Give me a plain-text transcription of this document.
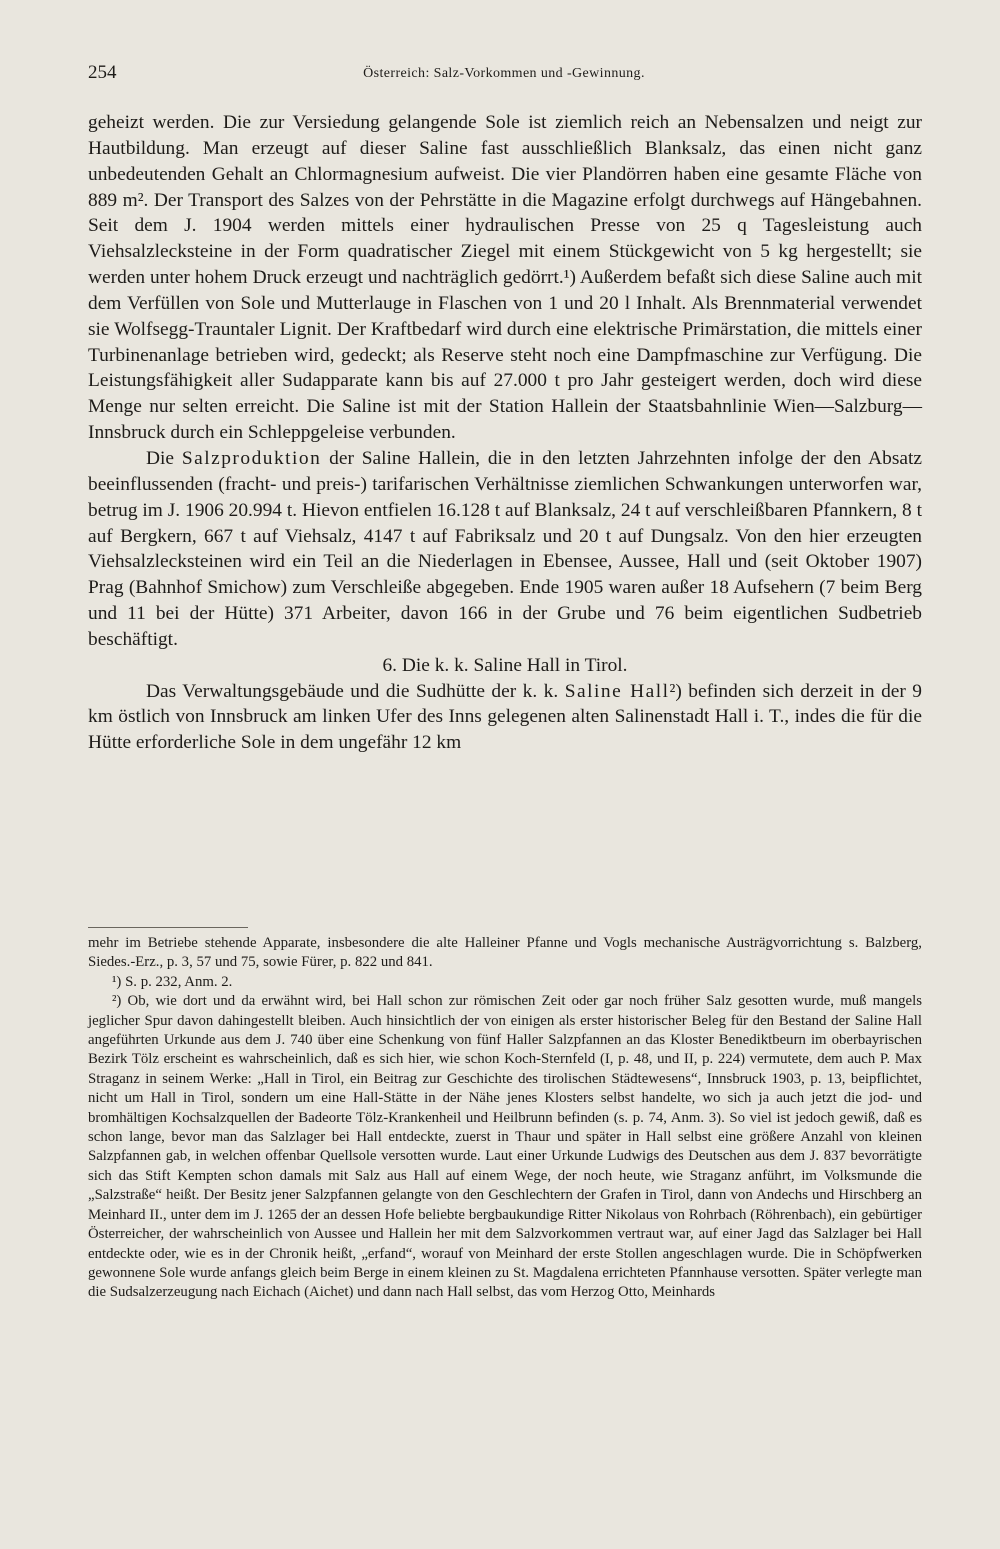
254	Österreich: Salz-Vorkommen und -Gewinnung.

geheizt werden. Die zur Versiedung gelangende Sole ist ziemlich reich an Nebensalzen und neigt zur Hautbildung. Man erzeugt auf dieser Saline fast ausschließlich Blanksalz, das einen nicht ganz unbedeutenden Gehalt an Chlormagnesium aufweist. Die vier Plandörren haben eine gesamte Fläche von 889 m². Der Transport des Salzes von der Pehrstätte in die Magazine erfolgt durchwegs auf Hängebahnen. Seit dem J. 1904 werden mittels einer hydraulischen Presse von 25 q Tagesleistung auch Viehsalzlecksteine in der Form quadratischer Ziegel mit einem Stückgewicht von 5 kg hergestellt; sie werden unter hohem Druck erzeugt und nachträglich gedörrt.¹) Außerdem befaßt sich diese Saline auch mit dem Verfüllen von Sole und Mutterlauge in Flaschen von 1 und 20 l Inhalt. Als Brennmaterial verwendet sie Wolfsegg-Trauntaler Lignit. Der Kraftbedarf wird durch eine elektrische Primärstation, die mittels einer Turbinenanlage betrieben wird, gedeckt; als Reserve steht noch eine Dampfmaschine zur Verfügung. Die Leistungsfähigkeit aller Sudapparate kann bis auf 27.000 t pro Jahr gesteigert werden, doch wird diese Menge nur selten erreicht. Die Saline ist mit der Station Hallein der Staatsbahnlinie Wien—Salzburg—Innsbruck durch ein Schleppgeleise verbunden.

Die Salzproduktion der Saline Hallein, die in den letzten Jahrzehnten infolge der den Absatz beeinflussenden (fracht- und preis-) tarifarischen Verhältnisse ziemlichen Schwankungen unterworfen war, betrug im J. 1906 20.994 t. Hievon entfielen 16.128 t auf Blanksalz, 24 t auf verschleißbaren Pfannkern, 8 t auf Bergkern, 667 t auf Viehsalz, 4147 t auf Fabriksalz und 20 t auf Dungsalz. Von den hier erzeugten Viehsalzlecksteinen wird ein Teil an die Niederlagen in Ebensee, Aussee, Hall und (seit Oktober 1907) Prag (Bahnhof Smichow) zum Verschleiße abgegeben. Ende 1905 waren außer 18 Aufsehern (7 beim Berg und 11 bei der Hütte) 371 Arbeiter, davon 166 in der Grube und 76 beim eigentlichen Sudbetrieb beschäftigt.

6. Die k. k. Saline Hall in Tirol.

Das Verwaltungsgebäude und die Sudhütte der k. k. Saline Hall²) befinden sich derzeit in der 9 km östlich von Innsbruck am linken Ufer des Inns gelegenen alten Salinenstadt Hall i. T., indes die für die Hütte erforderliche Sole in dem ungefähr 12 km

mehr im Betriebe stehende Apparate, insbesondere die alte Halleiner Pfanne und Vogls mechanische Austrägvorrichtung s. Balzberg, Siedes.-Erz., p. 3, 57 und 75, sowie Fürer, p. 822 und 841.

¹) S. p. 232, Anm. 2.

²) Ob, wie dort und da erwähnt wird, bei Hall schon zur römischen Zeit oder gar noch früher Salz gesotten wurde, muß mangels jeglicher Spur davon dahingestellt bleiben. Auch hinsichtlich der von einigen als erster historischer Beleg für den Bestand der Saline Hall angeführten Urkunde aus dem J. 740 über eine Schenkung von fünf Haller Salzpfannen an das Kloster Benediktbeurn im oberbayrischen Bezirk Tölz erscheint es wahrscheinlich, daß es sich hier, wie schon Koch-Sternfeld (I, p. 48, und II, p. 224) vermutete, dem auch P. Max Straganz in seinem Werke: „Hall in Tirol, ein Beitrag zur Geschichte des tirolischen Städtewesens“, Innsbruck 1903, p. 13, beipflichtet, nicht um Hall in Tirol, sondern um eine Hall-Stätte in der Nähe jenes Klosters selbst handelte, wo sich ja auch jetzt die jod- und bromhältigen Kochsalzquellen der Badeorte Tölz-Krankenheil und Heilbrunn befinden (s. p. 74, Anm. 3). So viel ist jedoch gewiß, daß es schon lange, bevor man das Salzlager bei Hall entdeckte, zuerst in Thaur und später in Hall selbst eine größere Anzahl von kleinen Salzpfannen gab, in welchen offenbar Quellsole versotten wurde. Laut einer Urkunde Ludwigs des Deutschen aus dem J. 837 bevorrätigte sich das Stift Kempten schon damals mit Salz aus Hall auf einem Wege, der noch heute, wie Straganz anführt, im Volksmunde die „Salzstraße“ heißt. Der Besitz jener Salzpfannen gelangte von den Geschlechtern der Grafen in Tirol, dann von Andechs und Hirschberg an Meinhard II., unter dem im J. 1265 der an dessen Hofe beliebte bergbaukundige Ritter Nikolaus von Rohrbach (Röhrenbach), ein gebürtiger Österreicher, der wahrscheinlich von Aussee und Hallein her mit dem Salzvorkommen vertraut war, auf einer Jagd das Salzlager bei Hall entdeckte oder, wie es in der Chronik heißt, „erfand“, worauf von Meinhard der erste Stollen angeschlagen wurde. Die in Schöpfwerken gewonnene Sole wurde anfangs gleich beim Berge in einem kleinen zu St. Magdalena errichteten Pfannhause versotten. Später verlegte man die Sudsalzerzeugung nach Eichach (Aichet) und dann nach Hall selbst, das vom Herzog Otto, Meinhards
